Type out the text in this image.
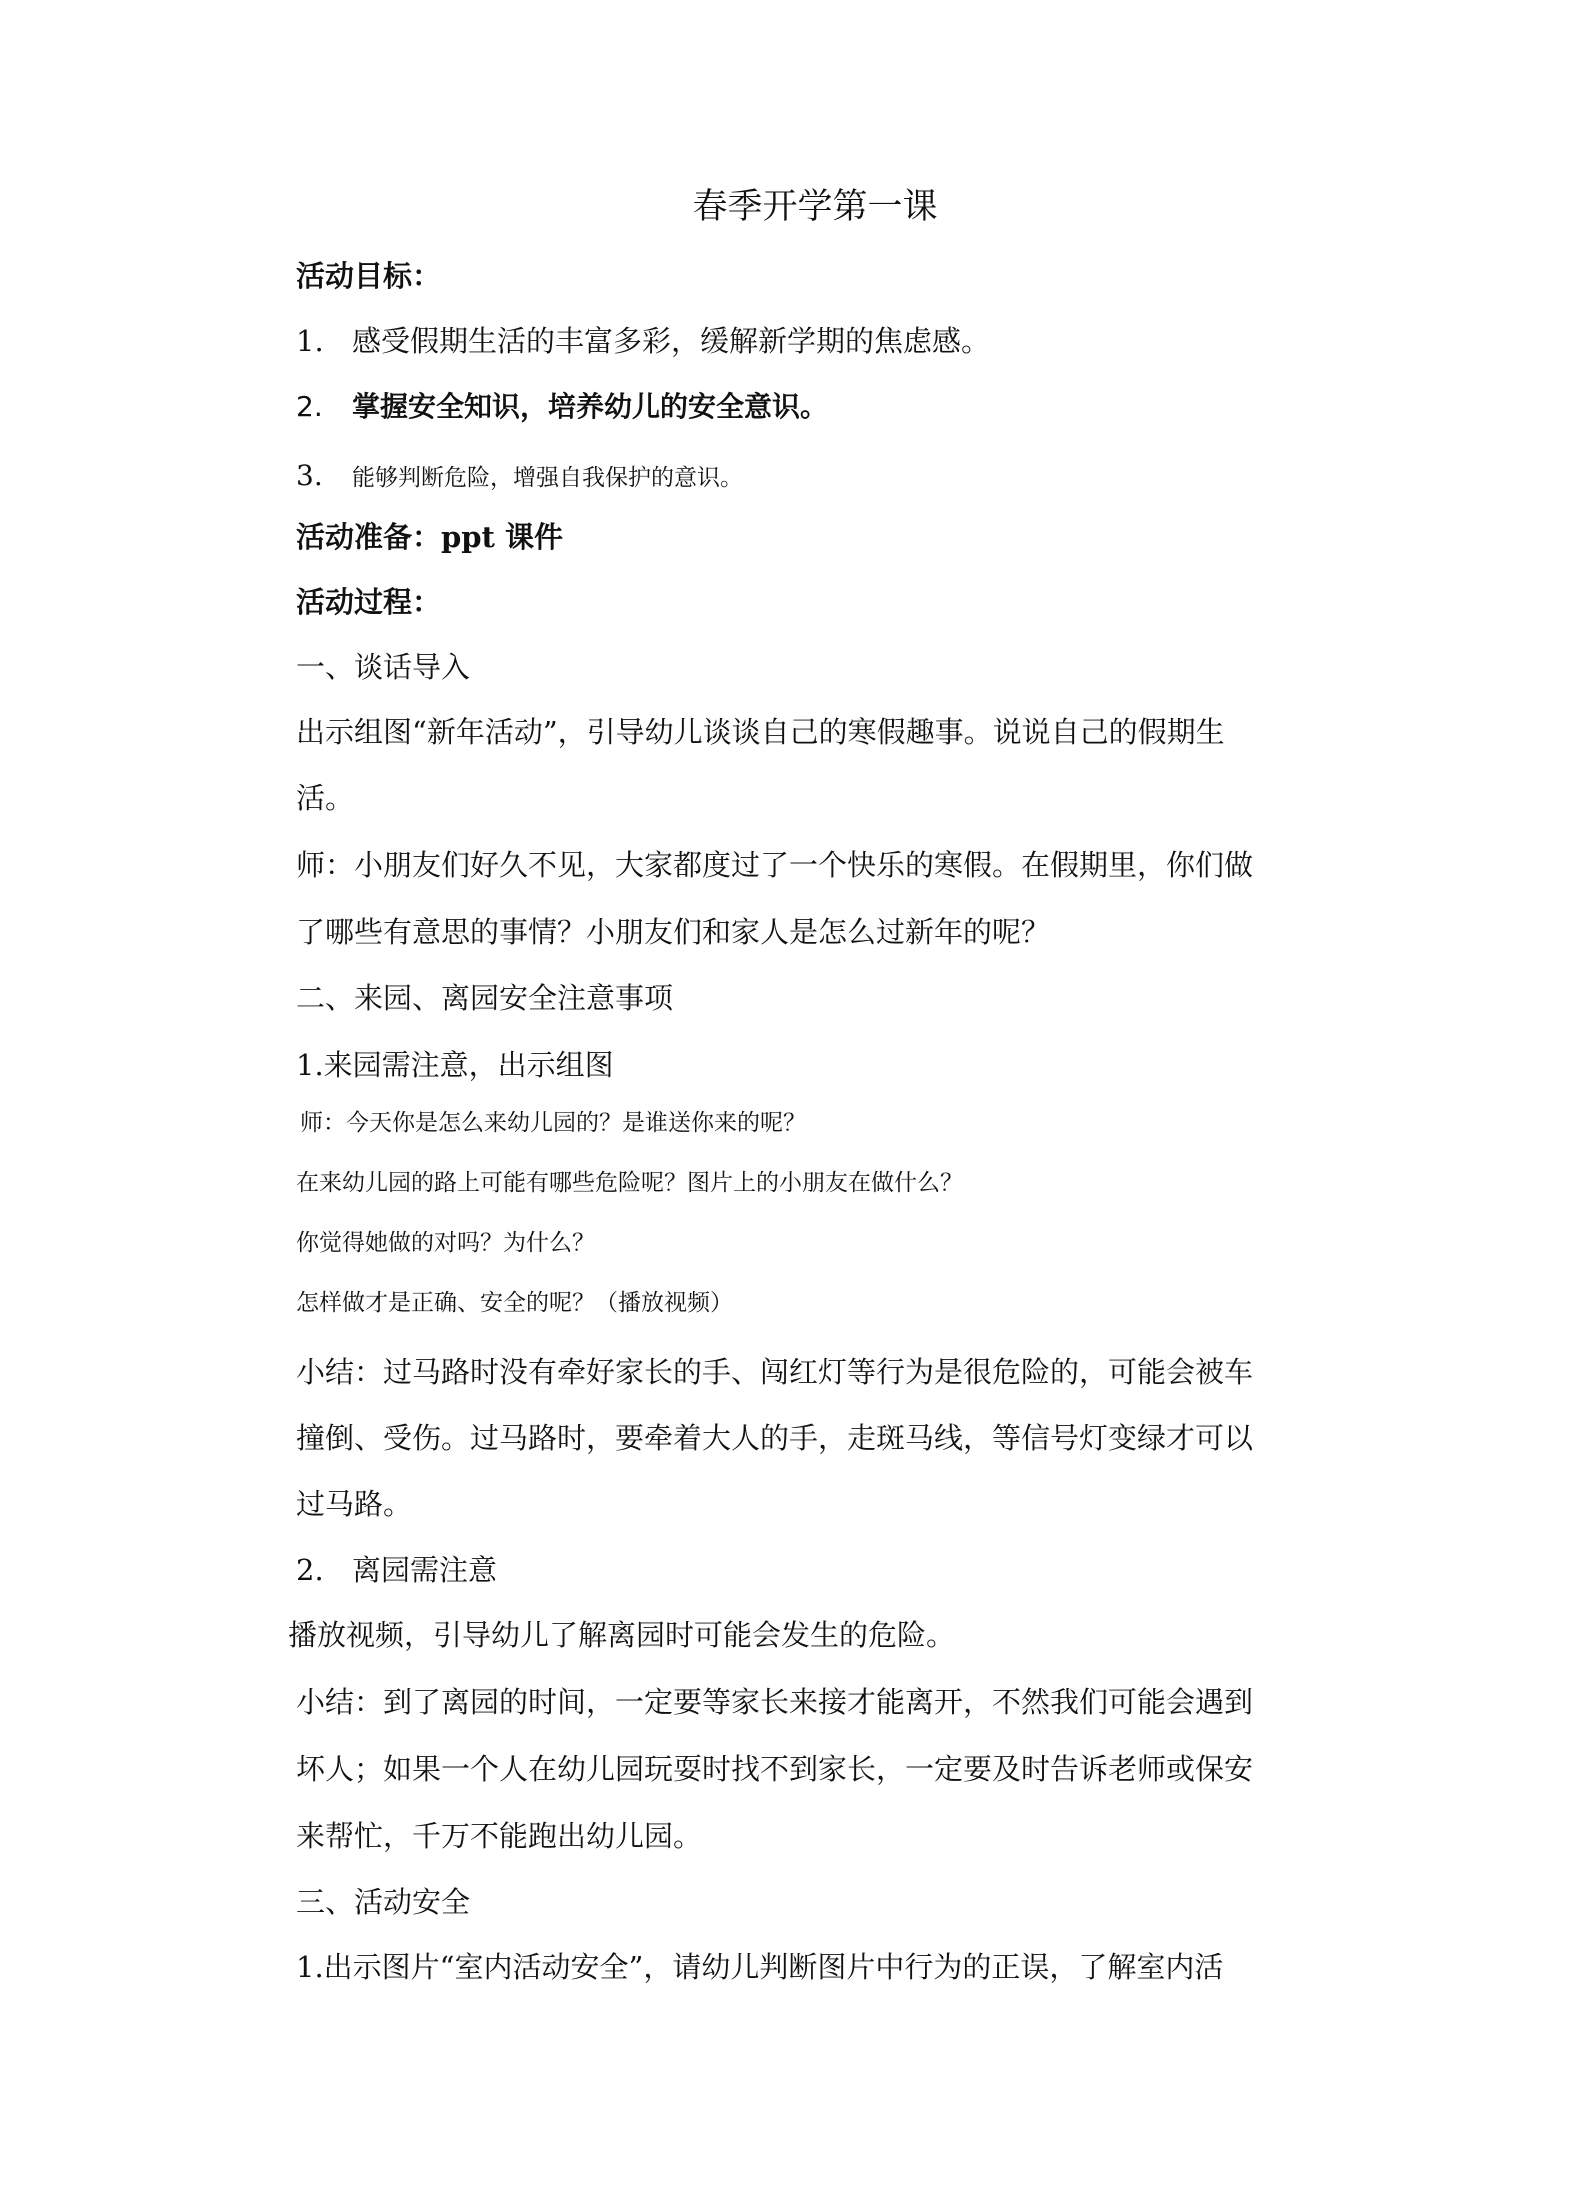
春季开学第一课
活动目标：
1. 感受假期生活的丰富多彩，缓解新学期的焦虑感。
2. 掌握安全知识，培养幼儿的安全意识。
3. 能够判断危险，增强自我保护的意识。
活动准备：ppt 课件
活动过程：
一、谈话导入
出示组图“新年活动”，引导幼儿谈谈自己的寒假趣事。说说自己的假期生
活。
师：小朋友们好久不见，大家都度过了一个快乐的寒假。在假期里，你们做
了哪些有意思的事情？小朋友们和家人是怎么过新年的呢？
二、来园、离园安全注意事项
1.来园需注意，出示组图
师：今天你是怎么来幼儿园的？是谁送你来的呢？
在来幼儿园的路上可能有哪些危险呢？图片上的小朋友在做什么？
你觉得她做的对吗？为什么？
怎样做才是正确、安全的呢？（播放视频）
小结：过马路时没有牵好家长的手、闯红灯等行为是很危险的，可能会被车
撞倒、受伤。过马路时，要牵着大人的手，走斑马线，等信号灯变绿才可以
过马路。
2. 离园需注意
播放视频，引导幼儿了解离园时可能会发生的危险。
小结：到了离园的时间，一定要等家长来接才能离开，不然我们可能会遇到
坏人；如果一个人在幼儿园玩耍时找不到家长，一定要及时告诉老师或保安
来帮忙，千万不能跑出幼儿园。
三、活动安全
1.出示图片“室内活动安全”，请幼儿判断图片中行为的正误，了解室内活
